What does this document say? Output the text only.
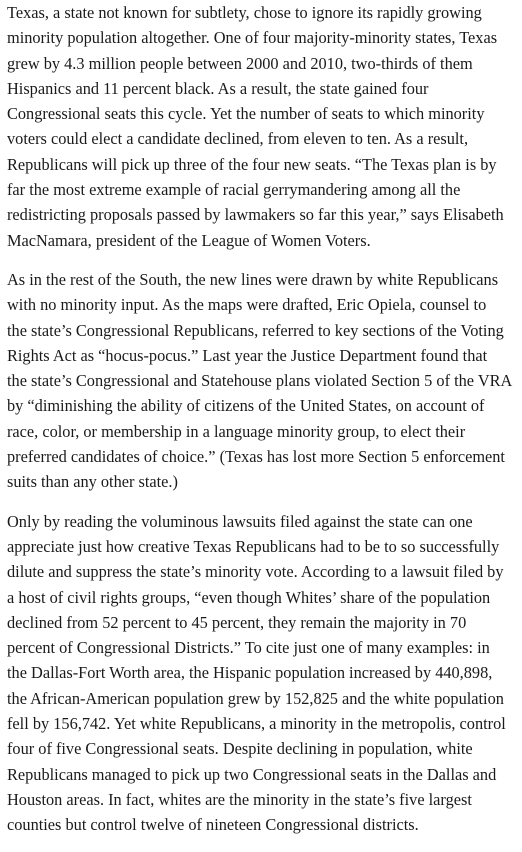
Texas, a state not known for subtlety, chose to ignore its rapidly growing
minority population altogether. One of four majority-minority states, Texas
grew by 4.3 million people between 2000 and 2010, two-thirds of them
Hispanics and 11 percent black. As a result, the state gained four
Congressional seats this cycle. Yet the number of seats to which minority
voters could elect a candidate declined, from eleven to ten. As a result,
Republicans will pick up three of the four new seats. “The Texas plan is by
far the most extreme example of racial gerrymandering among all the
redistricting proposals passed by lawmakers so far this year,” says Elisabeth
MacNamara, president of the League of Women Voters.

As in the rest of the South, the new lines were drawn by white Republicans
with no minority input. As the maps were drafted, Eric Opiela, counsel to
the state’s Congressional Republicans, referred to key sections of the Voting
Rights Act as “hocus-pocus.” Last year the Justice Department found that
the state’s Congressional and Statehouse plans violated Section 5 of the VRA
by “diminishing the ability of citizens of the United States, on account of
race, color, or membership in a language minority group, to elect their
preferred candidates of choice.” (Texas has lost more Section 5 enforcement
suits than any other state.)

Only by reading the voluminous lawsuits filed against the state can one
appreciate just how creative Texas Republicans had to be to so successfully
dilute and suppress the state’s minority vote. According to a lawsuit filed by
a host of civil rights groups, “even though Whites’ share of the population
declined from 52 percent to 45 percent, they remain the majority in 70
percent of Congressional Districts.” To cite just one of many examples: in
the Dallas-Fort Worth area, the Hispanic population increased by 440,898,
the African-American population grew by 152,825 and the white population
fell by 156,742. Yet white Republicans, a minority in the metropolis, control
four of five Congressional seats. Despite declining in population, white
Republicans managed to pick up two Congressional seats in the Dallas and
Houston areas. In fact, whites are the minority in the state’s five largest
counties but control twelve of nineteen Congressional districts.
